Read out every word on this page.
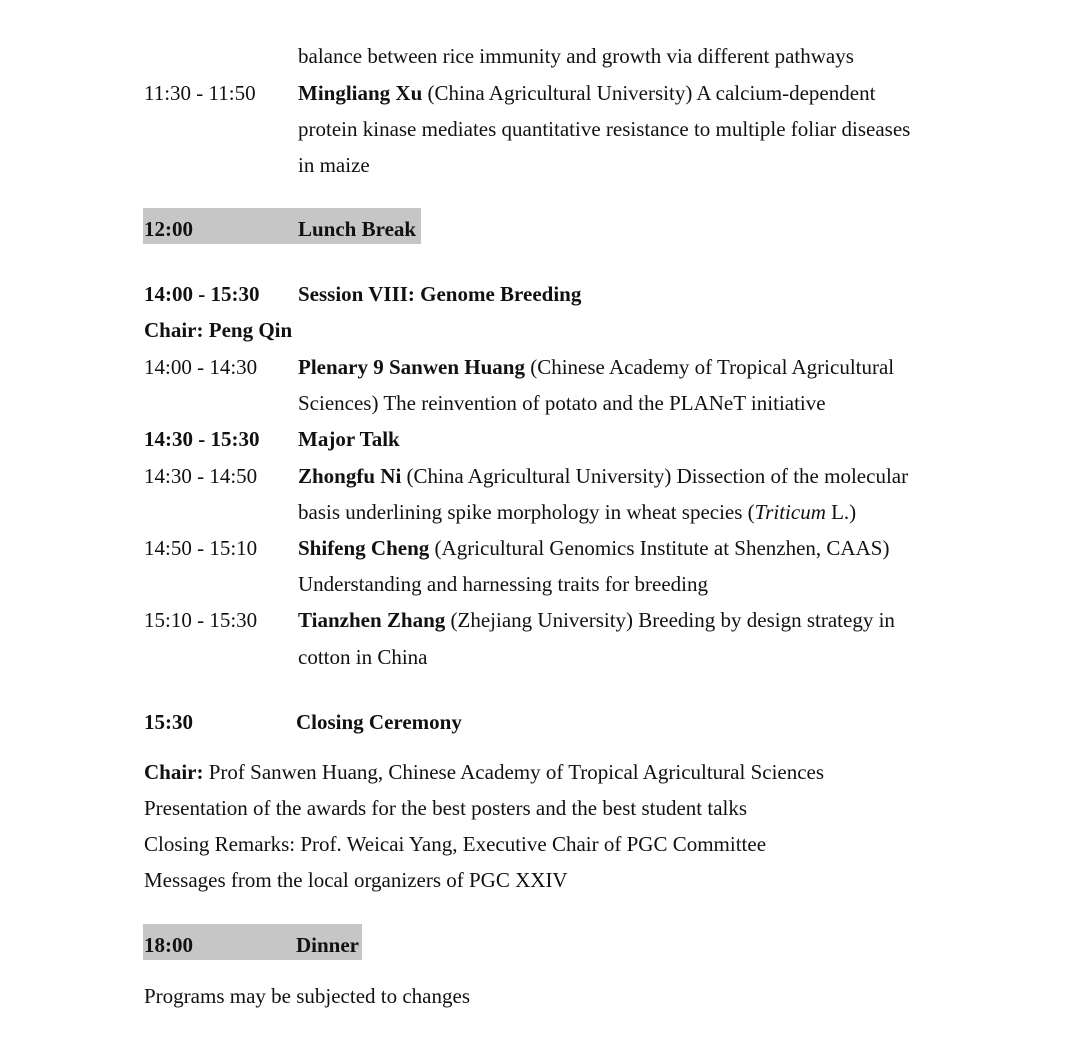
balance between rice immunity and growth via different pathways
11:30 - 11:50 Mingliang Xu (China Agricultural University) A calcium-dependent
protein kinase mediates quantitative resistance to multiple foliar diseases
in maize
12:00	Lunch Break
14:00 - 15:30 Session VIII: Genome Breeding
Chair: Peng Qin
14:00 - 14:30 Plenary 9 Sanwen Huang (Chinese Academy of Tropical Agricultural
Sciences) The reinvention of potato and the PLANeT initiative
14:30 - 15:30 Major Talk
14:30 - 14:50 Zhongfu Ni (China Agricultural University) Dissection of the molecular
basis underlining spike morphology in wheat species (Triticum L.)
14:50 - 15:10 Shifeng Cheng (Agricultural Genomics Institute at Shenzhen, CAAS)
Understanding and harnessing traits for breeding
15:10 - 15:30 Tianzhen Zhang (Zhejiang University) Breeding by design strategy in
cotton in China
15:30	Closing Ceremony
Chair: Prof Sanwen Huang, Chinese Academy of Tropical Agricultural Sciences
Presentation of the awards for the best posters and the best student talks
Closing Remarks: Prof. Weicai Yang, Executive Chair of PGC Committee
Messages from the local organizers of PGC XXIV
18:00	Dinner
Programs may be subjected to changes
